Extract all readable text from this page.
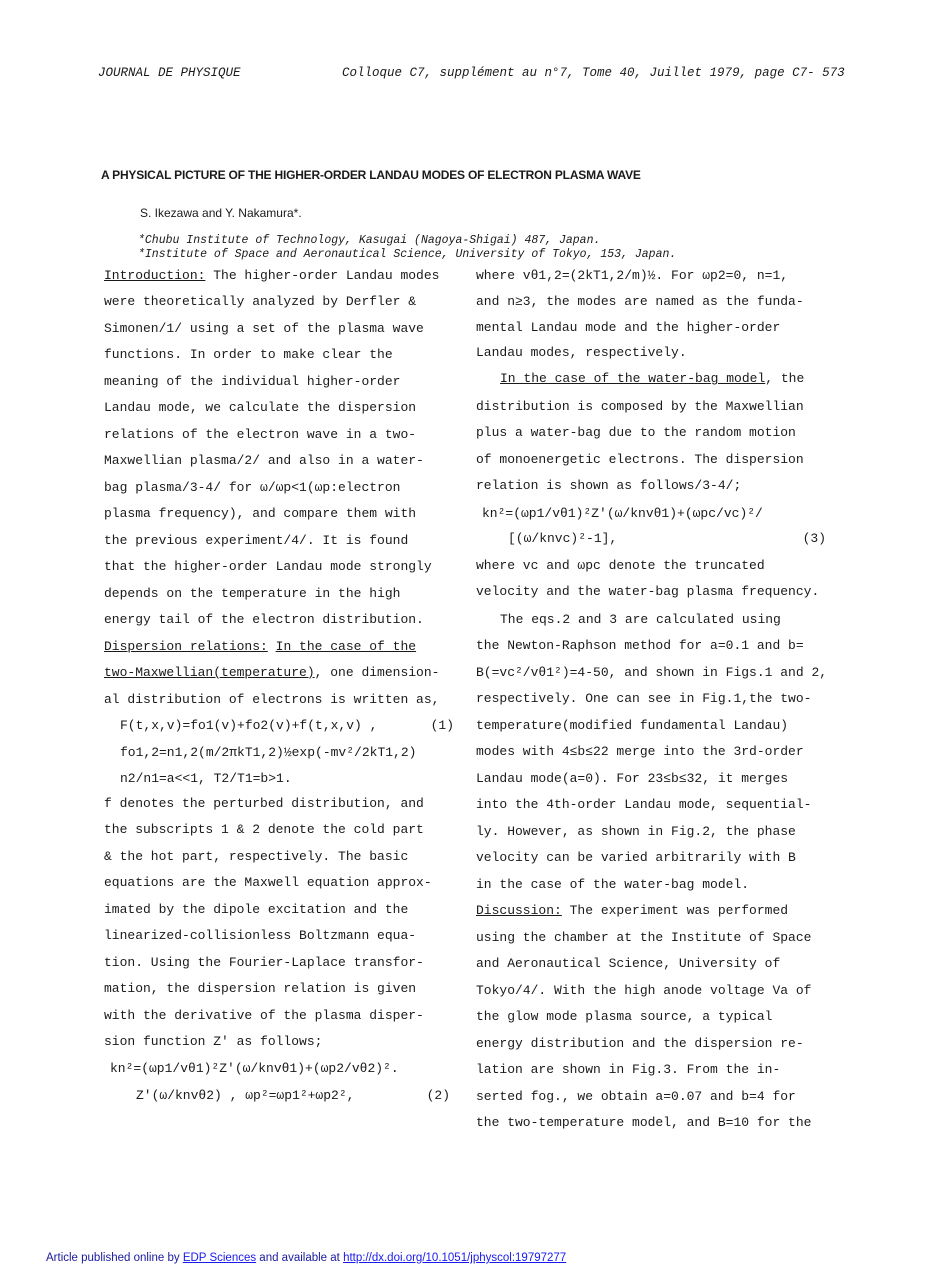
JOURNAL DE PHYSIQUE	Colloque C7, supplément au n°7, Tome 40, Juillet 1979, page C7- 573
A PHYSICAL PICTURE OF THE HIGHER-ORDER LANDAU MODES OF ELECTRON PLASMA WAVE
S. Ikezawa and Y. Nakamura*.
*Chubu Institute of Technology, Kasugai (Nagoya-Shigai) 487, Japan.
*Institute of Space and Aeronautical Science, University of Tokyo, 153, Japan.
Introduction: The higher-order Landau modes
were theoretically analyzed by Derfler &
Simonen/1/ using a set of the plasma wave
functions. In order to make clear the
meaning of the individual higher-order
Landau mode, we calculate the dispersion
relations of the electron wave in a two-
Maxwellian plasma/2/ and also in a water-
bag plasma/3-4/ for ω/ωp<1(ωp:electron
plasma frequency), and compare them with
the previous experiment/4/. It is found
that the higher-order Landau mode strongly
depends on the temperature in the high
energy tail of the electron distribution.
Dispersion relations: In the case of the
two-Maxwellian(temperature), one dimension-
al distribution of electrons is written as,
F(t,x,v)=fo1(v)+fo2(v)+f(t,x,v) ,	(1)
fo1,2=n1,2(m/2πkT1,2)½exp(-mv²/2kT1,2)
n2/n1=a<<1, T2/T1=b>1.
f denotes the perturbed distribution, and
the subscripts 1 & 2 denote the cold part
& the hot part, respectively. The basic
equations are the Maxwell equation approx-
imated by the dipole excitation and the
linearized-collisionless Boltzmann equa-
tion. Using the Fourier-Laplace transfor-
mation, the dispersion relation is given
with the derivative of the plasma disper-
sion function Z' as follows;
kn²=(ωp1/vθ1)²Z'(ω/knvθ1)+(ωp2/vθ2)².
Z'(ω/knvθ2) , ωp²=ωp1²+ωp2²,	(2)
where vθ1,2=(2kT1,2/m)½. For ωp2=0, n=1,
and n≥3, the modes are named as the funda-
mental Landau mode and the higher-order
Landau modes, respectively.
In the case of the water-bag model, the
distribution is composed by the Maxwellian
plus a water-bag due to the random motion
of monoenergetic electrons. The dispersion
relation is shown as follows/3-4/;
kn²=(ωp1/vθ1)²Z'(ω/knvθ1)+(ωpc/vc)²/
[(ω/knvc)²-1],	(3)
where vc and ωpc denote the truncated
velocity and the water-bag plasma frequency.
The eqs.2 and 3 are calculated using
the Newton-Raphson method for a=0.1 and b=
B(=vc²/vθ1²)=4-50, and shown in Figs.1 and 2,
respectively. One can see in Fig.1,the two-
temperature(modified fundamental Landau)
modes with 4≤b≤22 merge into the 3rd-order
Landau mode(a=0). For 23≤b≤32, it merges
into the 4th-order Landau mode, sequential-
ly. However, as shown in Fig.2, the phase
velocity can be varied arbitrarily with B
in the case of the water-bag model.
Discussion: The experiment was performed
using the chamber at the Institute of Space
and Aeronautical Science, University of
Tokyo/4/. With the high anode voltage Va of
the glow mode plasma source, a typical
energy distribution and the dispersion re-
lation are shown in Fig.3. From the in-
serted fog., we obtain a=0.07 and b=4 for
the two-temperature model, and B=10 for the
Article published online by EDP Sciences and available at http://dx.doi.org/10.1051/jphyscol:19797277
